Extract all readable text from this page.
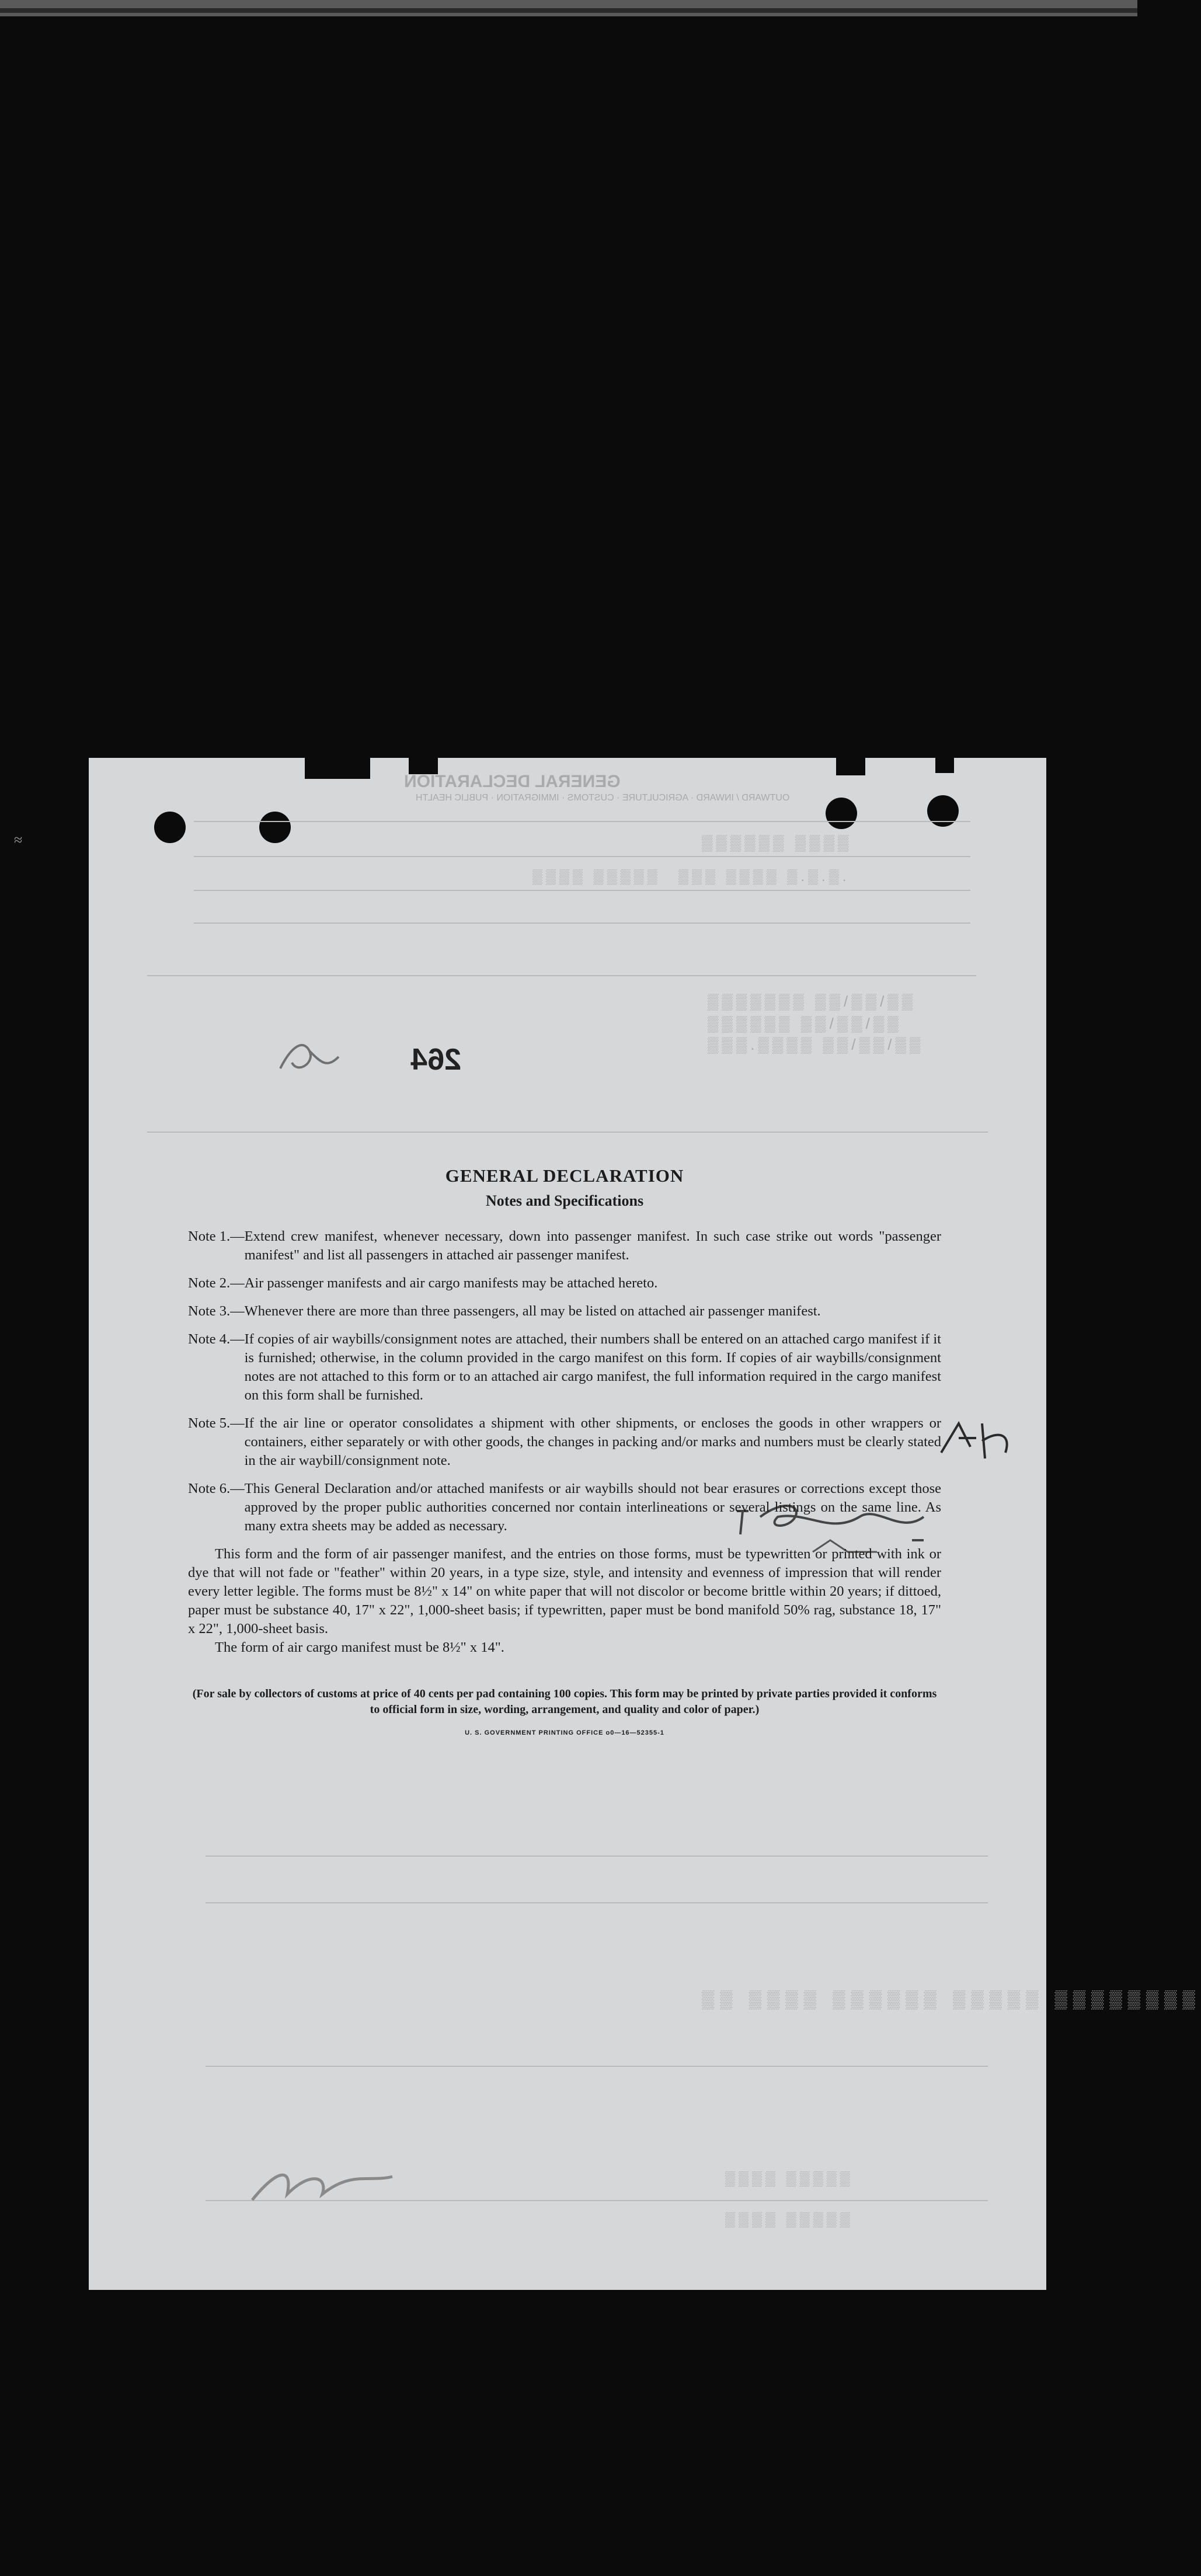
≈
GENERAL DECLARATION
OUTWARD / INWARD · AGRICULTURE · CUSTOMS · IMMIGRATION · PUBLIC HEALTH

▒▒▒▒▒▒ ▒▒▒▒
▒▒▒▒ ▒▒▒▒▒ ▒▒▒ ▒▒▒▒ ▒.▒.▒.
▒▒▒▒▒▒▒ ▒▒/▒▒/▒▒
▒▒▒▒▒▒ ▒▒/▒▒/▒▒
▒▒▒.▒▒▒▒ ▒▒/▒▒/▒▒
▒▒ ▒▒▒▒ ▒▒▒▒▒▒ ▒▒▒▒▒ ▒▒▒▒▒▒▒▒
▒▒▒▒ ▒▒▒▒▒
▒▒▒▒ ▒▒▒▒▒
264

GENERAL DECLARATION

Notes and Specifications

Note 1.— Extend crew manifest, whenever necessary, down into passenger manifest. In such case strike out words "passenger manifest" and list all passengers in attached air passenger manifest.
Note 2.— Air passenger manifests and air cargo manifests may be attached hereto.
Note 3.— Whenever there are more than three passengers, all may be listed on attached air passenger manifest.
Note 4.— If copies of air waybills/consignment notes are attached, their numbers shall be entered on an attached cargo manifest if it is furnished; otherwise, in the column provided in the cargo manifest on this form. If copies of air waybills/consignment notes are not attached to this form or to an attached air cargo manifest, the full information required in the cargo manifest on this form shall be furnished.
Note 5.— If the air line or operator consolidates a shipment with other shipments, or encloses the goods in other wrappers or containers, either separately or with other goods, the changes in packing and/or marks and numbers must be clearly stated in the air waybill/consignment note.
Note 6.— This General Declaration and/or attached manifests or air waybills should not bear erasures or corrections except those approved by the proper public authorities concerned nor contain interlineations or several listings on the same line. As many extra sheets may be added as necessary.

This form and the form of air passenger manifest, and the entries on those forms, must be typewritten or printed with ink or dye that will not fade or "feather" within 20 years, in a type size, style, and intensity and evenness of impression that will render every letter legible. The forms must be 8½" x 14" on white paper that will not discolor or become brittle within 20 years; if dittoed, paper must be substance 40, 17" x 22", 1,000-sheet basis; if typewritten, paper must be bond manifold 50% rag, substance 18, 17" x 22", 1,000-sheet basis.

The form of air cargo manifest must be 8½" x 14".

(For sale by collectors of customs at price of 40 cents per pad containing 100 copies. This form may be printed by private parties provided it conforms to official form in size, wording, arrangement, and quality and color of paper.)

U. S. GOVERNMENT PRINTING OFFICE o0—16—52355-1
